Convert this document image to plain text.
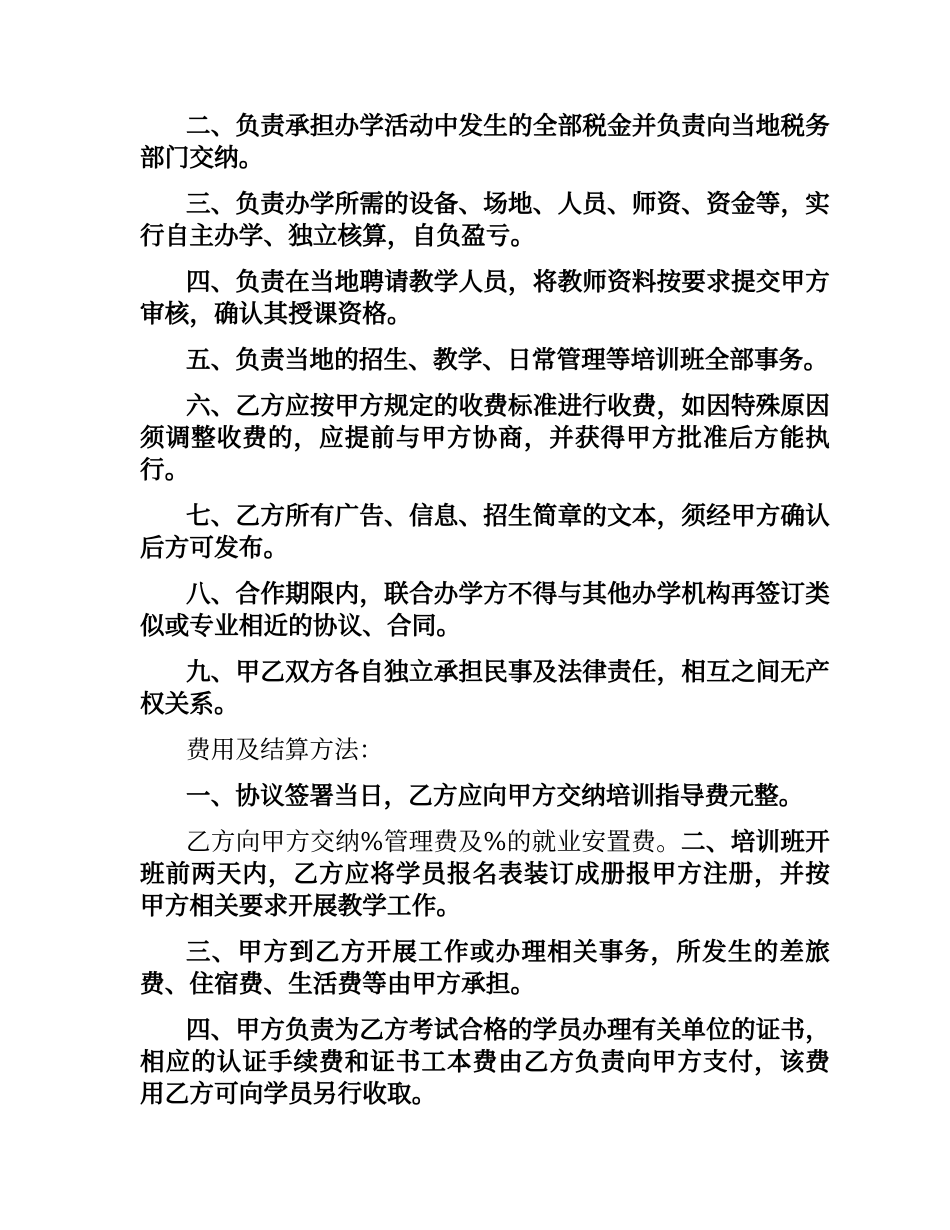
二、负责承担办学活动中发生的全部税金并负责向当地税务部门交纳。

三、负责办学所需的设备、场地、人员、师资、资金等，实行自主办学、独立核算，自负盈亏。

四、负责在当地聘请教学人员，将教师资料按要求提交甲方审核，确认其授课资格。

五、负责当地的招生、教学、日常管理等培训班全部事务。

六、乙方应按甲方规定的收费标准进行收费，如因特殊原因须调整收费的，应提前与甲方协商，并获得甲方批准后方能执行。

七、乙方所有广告、信息、招生简章的文本，须经甲方确认后方可发布。

八、合作期限内，联合办学方不得与其他办学机构再签订类似或专业相近的协议、合同。

九、甲乙双方各自独立承担民事及法律责任，相互之间无产权关系。

费用及结算方法：

一、协议签署当日，乙方应向甲方交纳培训指导费元整。

乙方向甲方交纳%管理费及%的就业安置费。二、培训班开班前两天内，乙方应将学员报名表装订成册报甲方注册，并按甲方相关要求开展教学工作。

三、甲方到乙方开展工作或办理相关事务，所发生的差旅费、住宿费、生活费等由甲方承担。

四、甲方负责为乙方考试合格的学员办理有关单位的证书，相应的认证手续费和证书工本费由乙方负责向甲方支付，该费用乙方可向学员另行收取。
